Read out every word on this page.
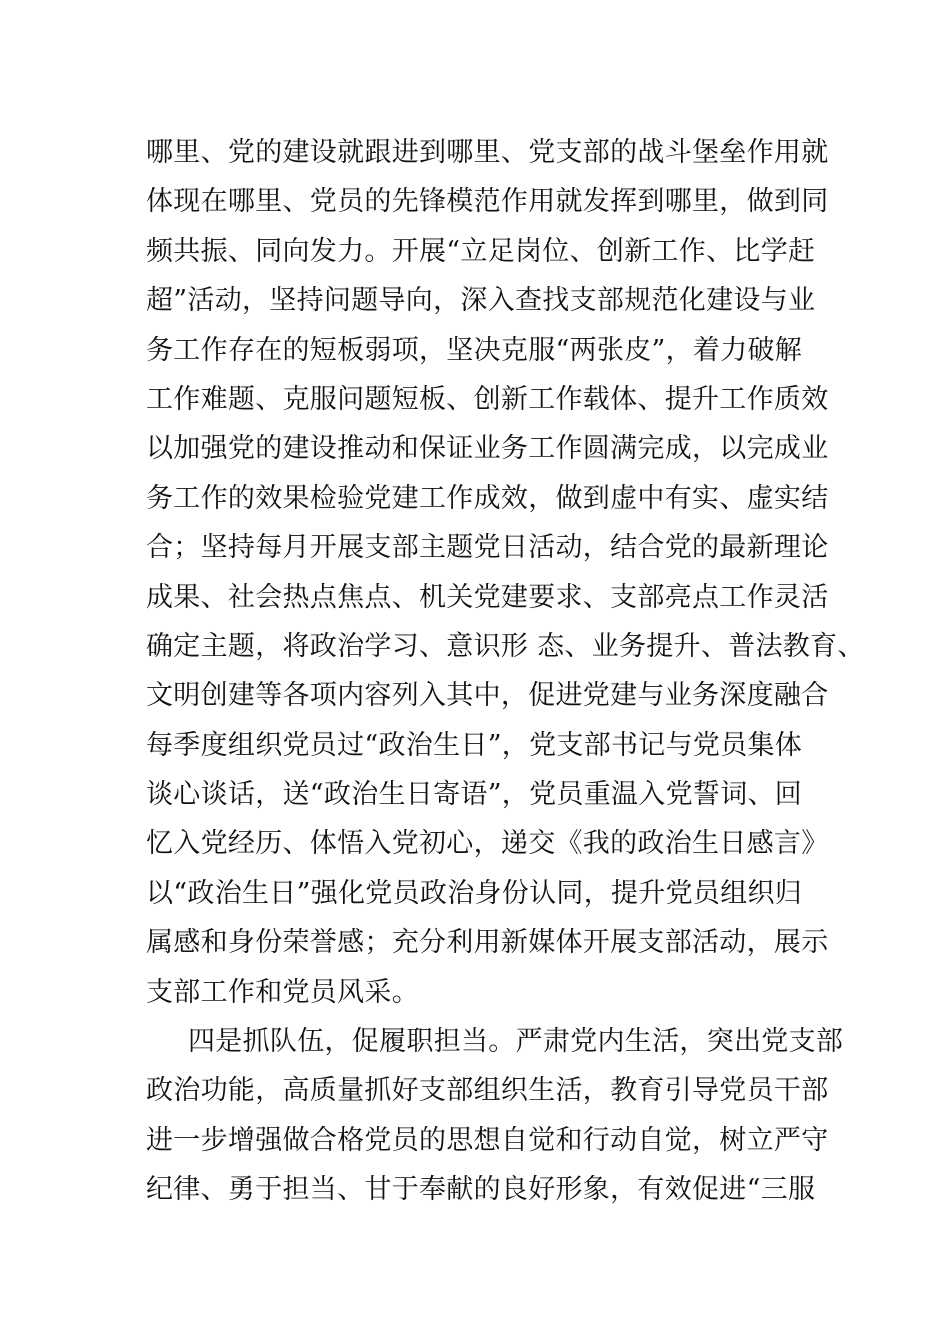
哪里、党的建设就跟进到哪里、党支部的战斗堡垒作用就
体现在哪里、党员的先锋模范作用就发挥到哪里，做到同
频共振、同向发力。开展“立足岗位、创新工作、比学赶
超”活动，坚持问题导向，深入查找支部规范化建设与业
务工作存在的短板弱项，坚决克服“两张皮”，着力破解
工作难题、克服问题短板、创新工作载体、提升工作质效
以加强党的建设推动和保证业务工作圆满完成，以完成业
务工作的效果检验党建工作成效，做到虚中有实、虚实结
合；坚持每月开展支部主题党日活动，结合党的最新理论
成果、社会热点焦点、机关党建要求、支部亮点工作灵活
确定主题，将政治学习、意识形 态、业务提升、普法教育、
文明创建等各项内容列入其中，促进党建与业务深度融合
每季度组织党员过“政治生日”，党支部书记与党员集体
谈心谈话，送“政治生日寄语”，党员重温入党誓词、回
忆入党经历、体悟入党初心，递交《我的政治生日感言》
以“政治生日”强化党员政治身份认同，提升党员组织归
属感和身份荣誉感；充分利用新媒体开展支部活动，展示
支部工作和党员风采。
四是抓队伍，促履职担当。严肃党内生活，突出党支部
政治功能，高质量抓好支部组织生活，教育引导党员干部
进一步增强做合格党员的思想自觉和行动自觉，树立严守
纪律、勇于担当、甘于奉献的良好形象，有效促进“三服
